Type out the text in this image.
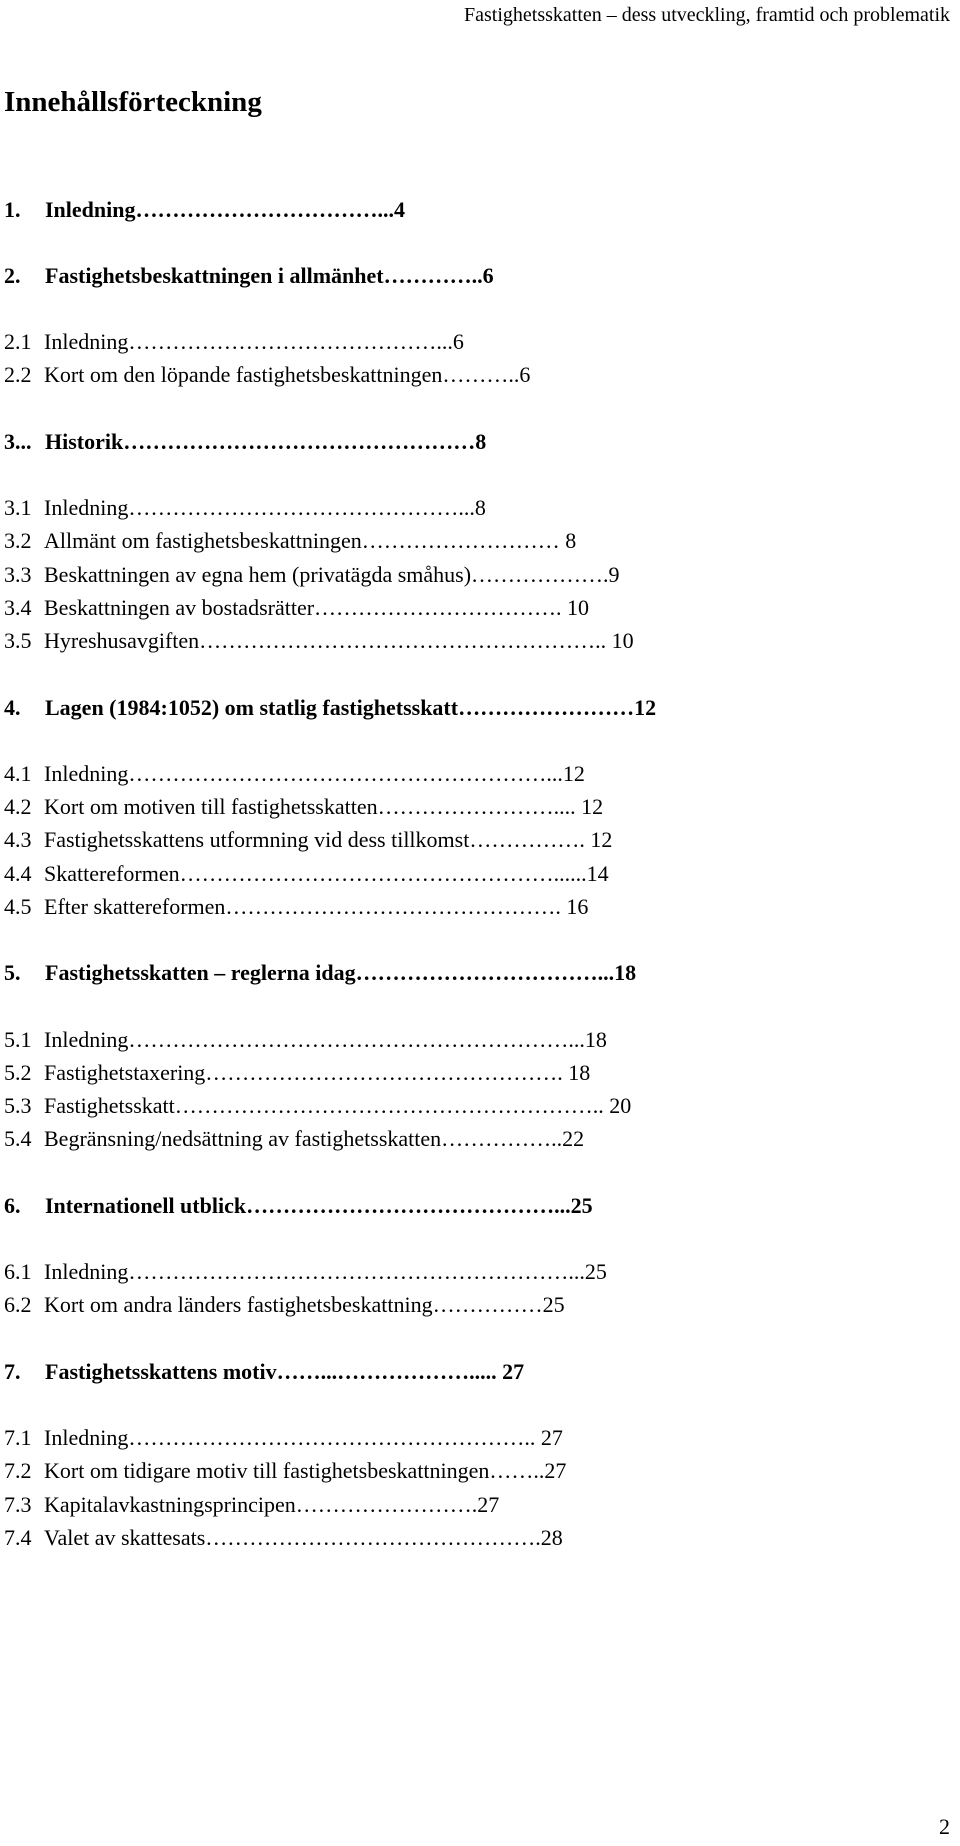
Fastighetsskatten – dess utveckling, framtid och problematik
Innehållsförteckning
1. Inledning……………………………...4
2. Fastighetsbeskattningen i allmänhet…………..6
2.1 Inledning……………………………………...6
2.2 Kort om den löpande fastighetsbeskattningen………..6
3... Historik…………………………………………8
3.1 Inledning………………………………………...8
3.2 Allmänt om fastighetsbeskattningen……………………… 8
3.3 Beskattningen av egna hem (privatägda småhus)……………….9
3.4 Beskattningen av bostadsrätter……………………………. 10
3.5 Hyreshusavgiften……………………………………………….. 10
4. Lagen (1984:1052) om statlig fastighetsskatt……………………12
4.1 Inledning…………………………………………………...12
4.2 Kort om motiven till fastighetsskatten…………………….... 12
4.3 Fastighetsskattens utformning vid dess tillkomst……………. 12
4.4 Skattereformen……………………………………………......14
4.5 Efter skattereformen………………………………………. 16
5. Fastighetsskatten – reglerna idag……………………………...18
5.1 Inledning……………………………………………………...18
5.2 Fastighetstaxering…………………………………………. 18
5.3 Fastighetsskatt………………………………………………….. 20
5.4 Begränsning/nedsättning av fastighetsskatten……………..22
6. Internationell utblick……………………………………...25
6.1 Inledning……………………………………………………...25
6.2 Kort om andra länders fastighetsbeskattning……………25
7. Fastighetsskattens motiv……...………………..... 27
7.1 Inledning……………………………………………….. 27
7.2 Kort om tidigare motiv till fastighetsbeskattningen……..27
7.3 Kapitalavkastningsprincipen…………………….27
7.4 Valet av skattesats……………………………………….28
2
